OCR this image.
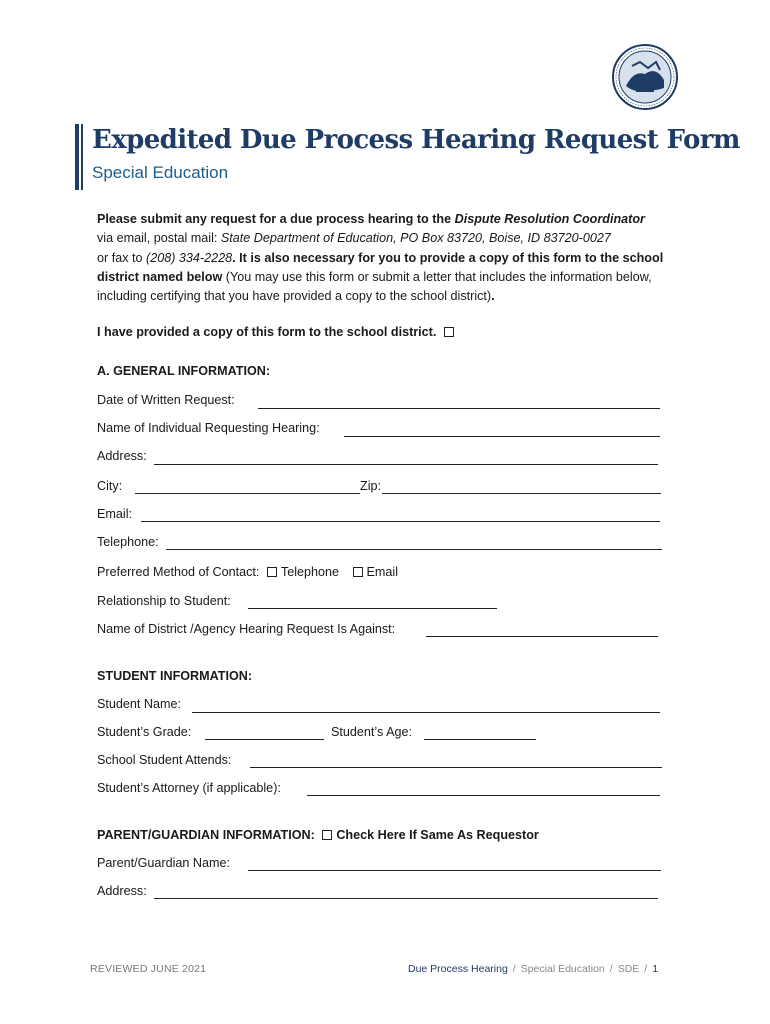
Expedited Due Process Hearing Request Form
Special Education
Please submit any request for a due process hearing to the Dispute Resolution Coordinator
via email, postal mail: State Department of Education, PO Box 83720, Boise, ID 83720-0027
or fax to (208) 334-2228. It is also necessary for you to provide a copy of this form to the school district named below (You may use this form or submit a letter that includes the information below, including certifying that you have provided a copy to the school district).
I have provided a copy of this form to the school district.
A. GENERAL INFORMATION:
Date of Written Request:
Name of Individual Requesting Hearing:
Address:
City:	Zip:
Email:
Telephone:
Preferred Method of Contact: Telephone Email
Relationship to Student:
Name of District /Agency Hearing Request Is Against:
STUDENT INFORMATION:
Student Name:
Student’s Grade:	Student’s Age:
School Student Attends:
Student’s Attorney (if applicable):
PARENT/GUARDIAN INFORMATION: Check Here If Same As Requestor
Parent/Guardian Name:
Address:
REVIEWED JUNE 2021	Due Process Hearing / Special Education / SDE / 1
